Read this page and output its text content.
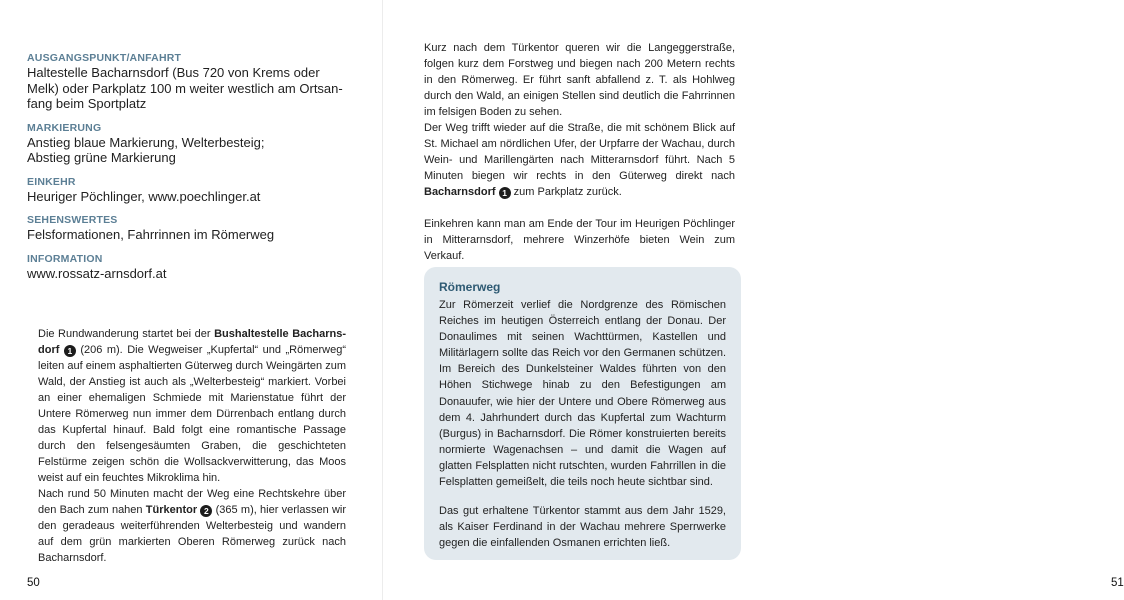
AUSGANGSPUNKT/ANFAHRT

Haltestelle Bacharnsdorf (Bus 720 von Krems oder

Melk) oder Parkplatz 100 m weiter westlich am Ortsan-

fang beim Sportplatz

MARKIERUNG

Anstieg blaue Markierung, Welterbesteig;

Abstieg grüne Markierung

EINKEHR

Heuriger Pöchlinger, www.poechlinger.at

SEHENSWERTES

Felsformationen, Fahrrinnen im Römerweg

INFORMATION

www.rossatz-arnsdorf.at

Die Rundwanderung startet bei der Bushaltestelle Bacharns-dorf 1 (206 m). Die Wegweiser „Kupfertal“ und „Römerweg“ leiten auf einem asphaltierten Güterweg durch Weingärten zum Wald, der Anstieg ist auch als „Welterbesteig“ markiert. Vorbei an einer ehemaligen Schmiede mit Marienstatue führt der Untere Römerweg nun immer dem Dürrenbach entlang durch das Kupfertal hinauf. Bald folgt eine romantische Passage durch den felsengesäumten Graben, die geschichteten Felstürme zeigen schön die Wollsackverwitterung, das Moos weist auf ein feuchtes Mikroklima hin.

Nach rund 50 Minuten macht der Weg eine Rechtskehre über den Bach zum nahen Türkentor 2 (365 m), hier verlassen wir den geradeaus weiterführenden Welterbesteig und wandern auf dem grün markierten Oberen Römerweg zurück nach Bacharnsdorf.

50

Kurz nach dem Türkentor queren wir die Langeggerstraße, folgen kurz dem Forstweg und biegen nach 200 Metern rechts in den Römerweg. Er führt sanft abfallend z. T. als Hohlweg durch den Wald, an einigen Stellen sind deutlich die Fahrrinnen im felsigen Boden zu sehen.

Der Weg trifft wieder auf die Straße, die mit schönem Blick auf St. Michael am nördlichen Ufer, der Urpfarre der Wachau, durch Wein- und Marillengärten nach Mitterarnsdorf führt. Nach 5 Minuten biegen wir rechts in den Güterweg direkt nach Bacharnsdorf 1 zum Parkplatz zurück.

Einkehren kann man am Ende der Tour im Heurigen Pöchlinger in Mitterarnsdorf, mehrere Winzerhöfe bieten Wein zum Verkauf.

Römerweg

Zur Römerzeit verlief die Nordgrenze des Römischen Reiches im heutigen Österreich entlang der Donau. Der Donaulimes mit seinen Wachttürmen, Kastellen und Militärlagern sollte das Reich vor den Germanen schützen. Im Bereich des Dunkelsteiner Waldes führten von den Höhen Stichwege hinab zu den Befestigungen am Donauufer, wie hier der Untere und Obere Römerweg aus dem 4. Jahrhundert durch das Kupfertal zum Wachturm (Burgus) in Bacharnsdorf. Die Römer konstruierten bereits normierte Wagenachsen – und damit die Wagen auf glatten Felsplatten nicht rutschten, wurden Fahrrillen in die Felsplatten gemeißelt, die teils noch heute sichtbar sind.

Das gut erhaltene Türkentor stammt aus dem Jahr 1529, als Kaiser Ferdinand in der Wachau mehrere Sperrwerke gegen die einfallenden Osmanen errichten ließ.

51
